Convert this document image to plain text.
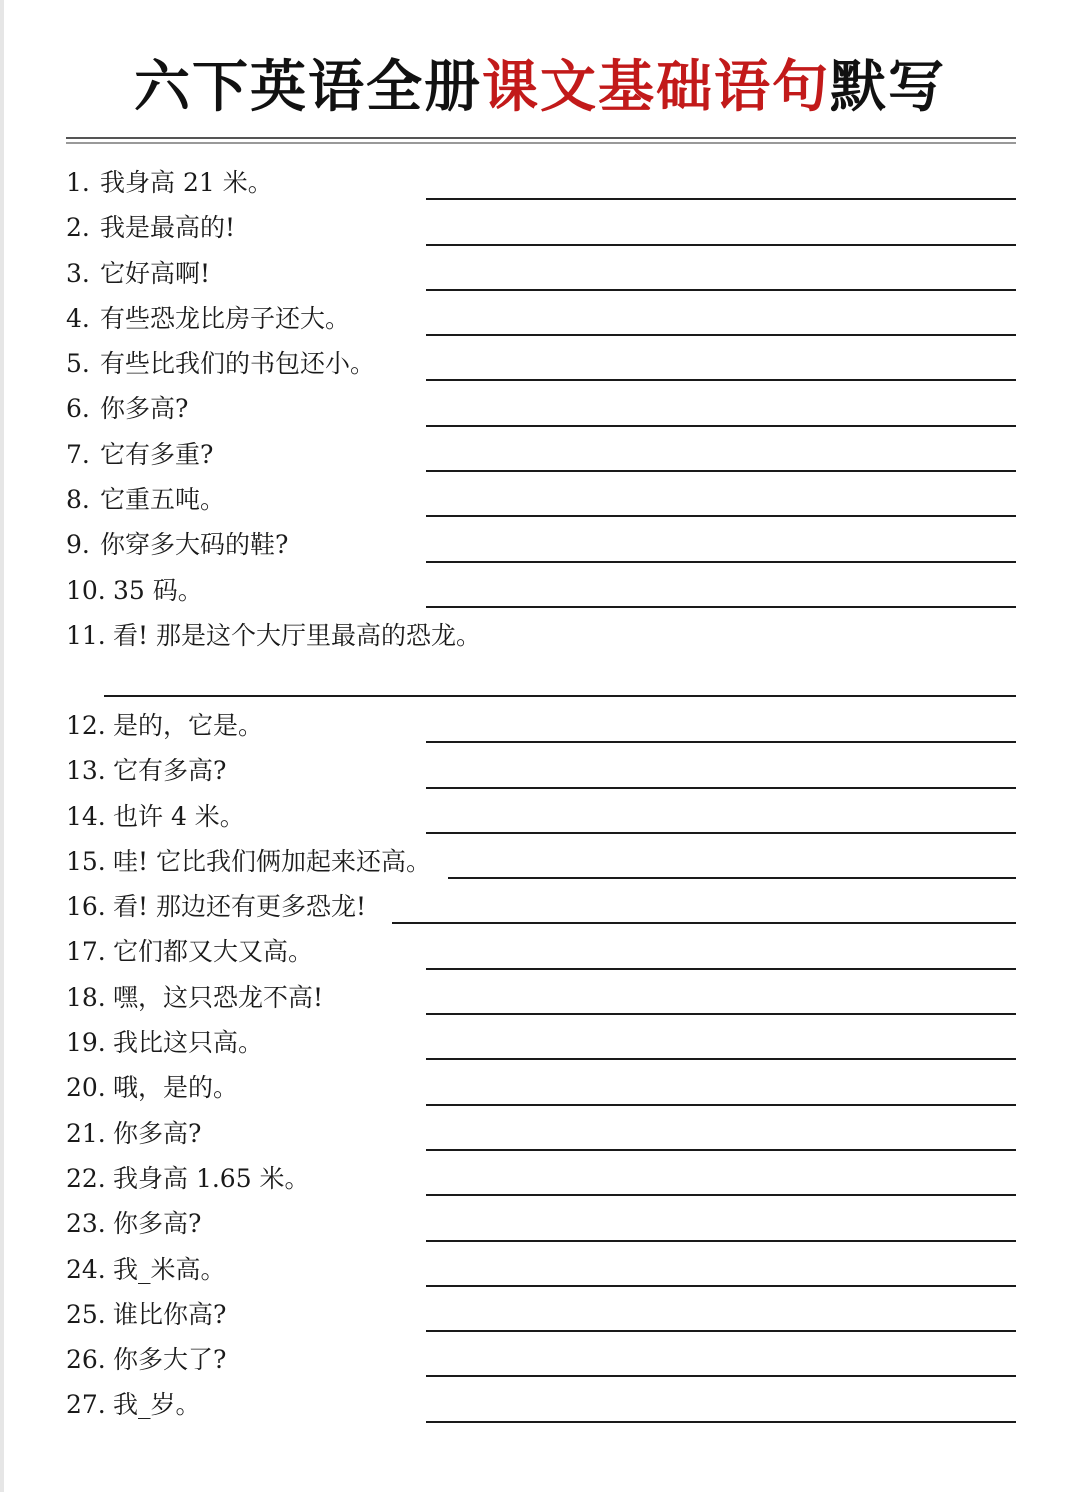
六下英语全册课文基础语句默写
1. 我身高 21 米。
2. 我是最高的!
3. 它好高啊!
4. 有些恐龙比房子还大。
5. 有些比我们的书包还小。
6. 你多高?
7. 它有多重?
8. 它重五吨。
9. 你穿多大码的鞋?
10. 35 码。
11. 看! 那是这个大厅里最高的恐龙。
12. 是的，它是。
13. 它有多高?
14. 也许 4 米。
15. 哇! 它比我们俩加起来还高。
16. 看! 那边还有更多恐龙!
17. 它们都又大又高。
18. 嘿，这只恐龙不高!
19. 我比这只高。
20. 哦，是的。
21. 你多高?
22. 我身高 1.65 米。
23. 你多高?
24. 我_米高。
25. 谁比你高?
26. 你多大了?
27. 我_岁。
